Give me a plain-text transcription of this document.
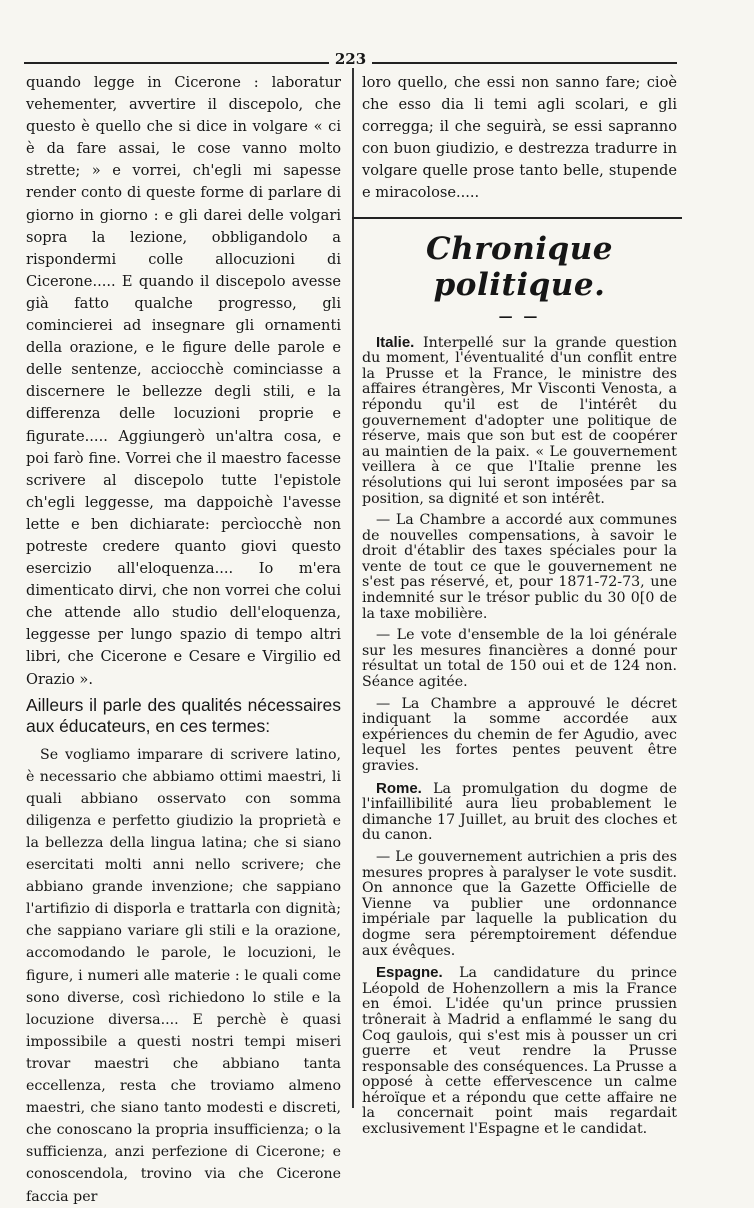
223

quando legge in Cicerone : laboratur vehementer, avvertire il discepolo, che questo è quello che si dice in volgare « ci è da fare assai, le cose vanno molto strette; » e vorrei, ch'egli mi sapesse render conto di queste forme di parlare di giorno in giorno : e gli darei delle volgari sopra la lezione, obbligandolo a rispondermi colle allocuzioni di Cicerone..... E quando il discepolo avesse già fatto qualche progresso, gli comincierei ad insegnare gli ornamenti della orazione, e le figure delle parole e delle sentenze, acciocchè cominciasse a discernere le bellezze degli stili, e la differenza delle locuzioni proprie e figurate..... Aggiungerò un'altra cosa, e poi farò fine. Vorrei che il maestro facesse scrivere al discepolo tutte l'epistole ch'egli leggesse, ma dappoichè l'avesse lette e ben dichiarate: percìocchè non potreste credere quanto giovi questo esercizio all'eloquenza.... Io m'era dimenticato dirvi, che non vorrei che colui che attende allo studio dell'eloquenza, leggesse per lungo spazio di tempo altri libri, che Cicerone e Cesare e Virgilio ed Orazio ».

Ailleurs il parle des qualités nécessaires aux éducateurs, en ces termes:

Se vogliamo imparare di scrivere latino, è necessario che abbiamo ottimi maestri, li quali abbiano osservato con somma diligenza e perfetto giudizio la proprietà e la bellezza della lingua latina; che si siano esercitati molti anni nello scrivere; che abbiano grande invenzione; che sappiano l'artifizio di disporla e trattarla con dignità; che sappiano variare gli stili e la orazione, accomodando le parole, le locuzioni, le figure, i numeri alle materie : le quali come sono diverse, così richiedono lo stile e la locuzione diversa.... E perchè è quasi impossibile a questi nostri tempi miseri trovar maestri che abbiano tanta eccellenza, resta che troviamo almeno maestri, che siano tanto modesti e discreti, che conoscano la propria insufficienza; o la sufficienza, anzi perfezione di Cicerone; e conoscendola, trovino via che Cicerone faccia per

loro quello, che essi non sanno fare; cioè che esso dia li temi agli scolari, e gli corregga; il che seguirà, se essi sapranno con buon giudizio, e destrezza tradurre in volgare quelle prose tanto belle, stupende e miracolose.....

Chronique politique.
— —

Italie. Interpellé sur la grande question du moment, l'éventualité d'un conflit entre la Prusse et la France, le ministre des affaires étrangères, Mr Visconti Venosta, a répondu qu'il est de l'intérêt du gouvernement d'adopter une politique de réserve, mais que son but est de coopérer au maintien de la paix. « Le gouvernement veillera à ce que l'Italie prenne les résolutions qui lui seront imposées par sa position, sa dignité et son intérêt.

— La Chambre a accordé aux communes de nouvelles compensations, à savoir le droit d'établir des taxes spéciales pour la vente de tout ce que le gouvernement ne s'est pas réservé, et, pour 1871-72-73, une indemnité sur le trésor public du 30 0[0 de la taxe mobilière.

— Le vote d'ensemble de la loi générale sur les mesures financières a donné pour résultat un total de 150 oui et de 124 non. Séance agitée.

— La Chambre a approuvé le décret indiquant la somme accordée aux expériences du chemin de fer Agudio, avec lequel les fortes pentes peuvent être gravies.

Rome. La promulgation du dogme de l'infaillibilité aura lieu probablement le dimanche 17 Juillet, au bruit des cloches et du canon.

— Le gouvernement autrichien a pris des mesures propres à paralyser le vote susdit. On annonce que la Gazette Officielle de Vienne va publier une ordonnance impériale par laquelle la publication du dogme sera péremptoirement défendue aux évêques.

Espagne. La candidature du prince Léopold de Hohenzollern a mis la France en émoi. L'idée qu'un prince prussien trônerait à Madrid a enflammé le sang du Coq gaulois, qui s'est mis à pousser un cri guerre et veut rendre la Prusse responsable des conséquences. La Prusse a opposé à cette effervescence un calme héroïque et a répondu que cette affaire ne la concernait point mais regardait exclusivement l'Espagne et le candidat.
